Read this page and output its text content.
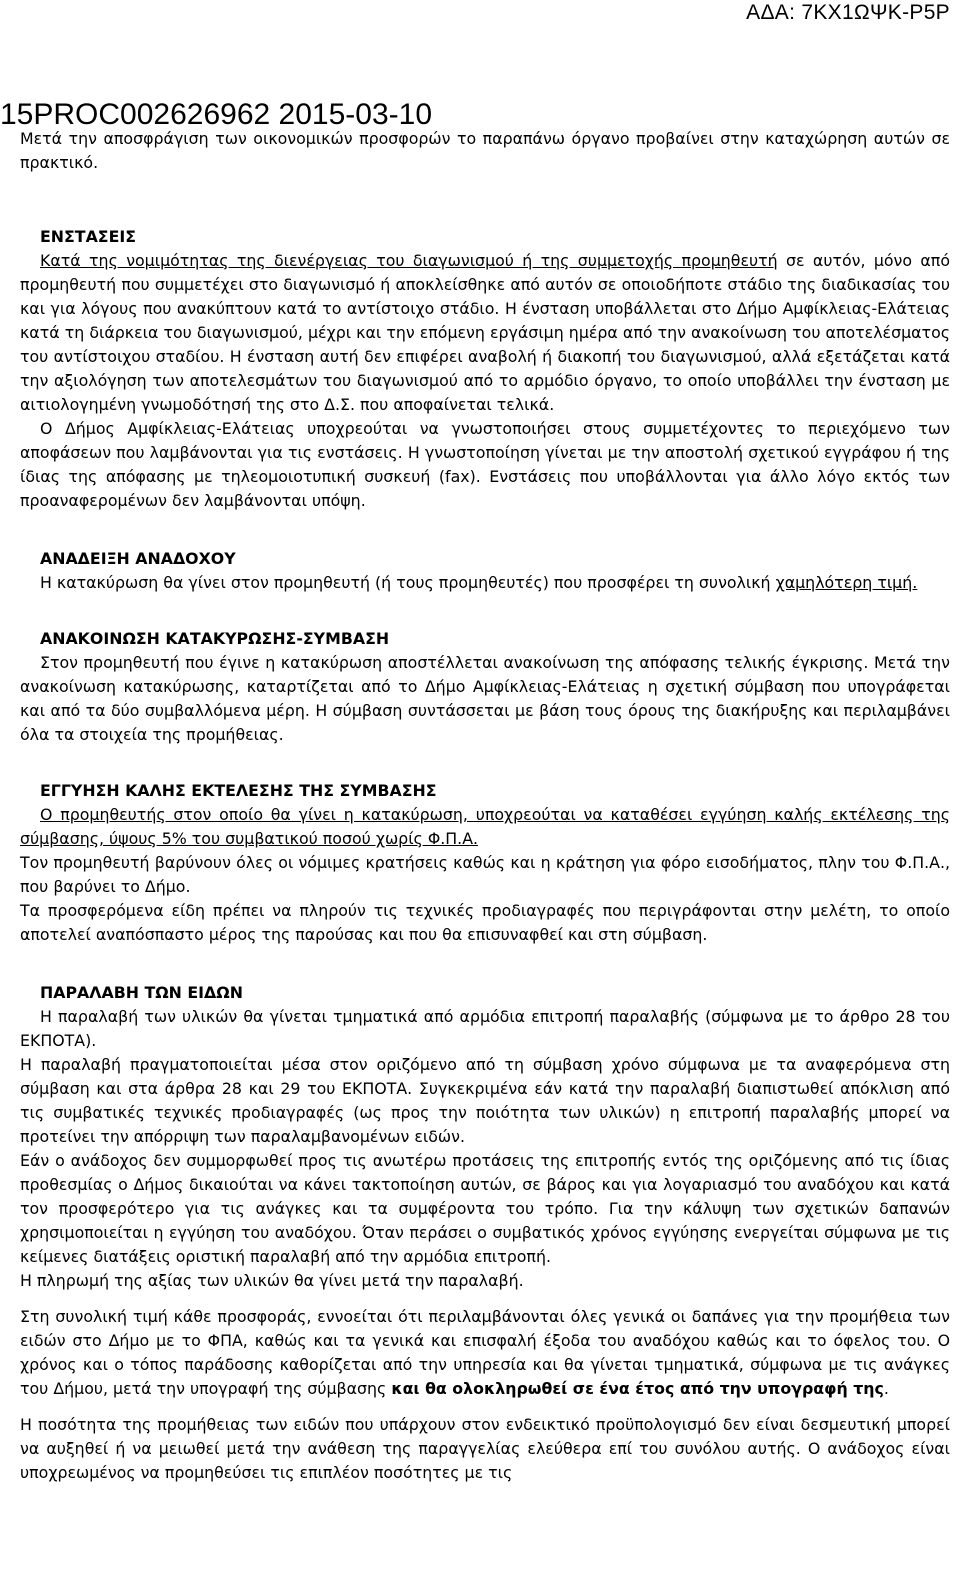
ΑΔΑ: 7ΚΧ1ΩΨΚ-Ρ5Ρ
15PROC002626962 2015-03-10

Μετά την αποσφράγιση των οικονομικών προσφορών το παραπάνω όργανο προβαίνει στην καταχώρηση αυτών σε πρακτικό.

ΕΝΣΤΑΣΕΙΣ

Κατά της νομιμότητας της διενέργειας του διαγωνισμού ή της συμμετοχής προμηθευτή σε αυτόν, μόνο από προμηθευτή που συμμετέχει στο διαγωνισμό ή αποκλείσθηκε από αυτόν σε οποιοδήποτε στάδιο της διαδικασίας του και για λόγους που ανακύπτουν κατά το αντίστοιχο στάδιο. Η ένσταση υποβάλλεται στο Δήμο Αμφίκλειας-Ελάτειας κατά τη διάρκεια του διαγωνισμού, μέχρι και την επόμενη εργάσιμη ημέρα από την ανακοίνωση του αποτελέσματος του αντίστοιχου σταδίου. Η ένσταση αυτή δεν επιφέρει αναβολή ή διακοπή του διαγωνισμού, αλλά εξετάζεται κατά την αξιολόγηση των αποτελεσμάτων του διαγωνισμού από το αρμόδιο όργανο, το οποίο υποβάλλει την ένσταση με αιτιολογημένη γνωμοδότησή της στο Δ.Σ. που αποφαίνεται τελικά.

Ο Δήμος Αμφίκλειας-Ελάτειας υποχρεούται να γνωστοποιήσει στους συμμετέχοντες το περιεχόμενο των αποφάσεων που λαμβάνονται για τις ενστάσεις. Η γνωστοποίηση γίνεται με την αποστολή σχετικού εγγράφου ή της ίδιας της απόφασης με τηλεομοιοτυπική συσκευή (fax). Ενστάσεις που υποβάλλονται για άλλο λόγο εκτός των προαναφερομένων δεν λαμβάνονται υπόψη.

ΑΝΑΔΕΙΞΗ ΑΝΑΔΟΧΟΥ

Η κατακύρωση θα γίνει στον προμηθευτή (ή τους προμηθευτές) που προσφέρει τη συνολική χαμηλότερη τιμή.

ΑΝΑΚΟΙΝΩΣΗ ΚΑΤΑΚΥΡΩΣΗΣ-ΣΥΜΒΑΣΗ

Στον προμηθευτή που έγινε η κατακύρωση αποστέλλεται ανακοίνωση της απόφασης τελικής έγκρισης. Μετά την ανακοίνωση κατακύρωσης, καταρτίζεται από το Δήμο Αμφίκλειας-Ελάτειας η σχετική σύμβαση που υπογράφεται και από τα δύο συμβαλλόμενα μέρη. Η σύμβαση συντάσσεται με βάση τους όρους της διακήρυξης και περιλαμβάνει όλα τα στοιχεία της προμήθειας.

ΕΓΓΥΗΣΗ ΚΑΛΗΣ ΕΚΤΕΛΕΣΗΣ ΤΗΣ ΣΥΜΒΑΣΗΣ

Ο προμηθευτής στον οποίο θα γίνει η κατακύρωση, υποχρεούται να καταθέσει εγγύηση καλής εκτέλεσης της σύμβασης, ύψους 5% του συμβατικού ποσού χωρίς Φ.Π.Α.

Τον προμηθευτή βαρύνουν όλες οι νόμιμες κρατήσεις καθώς και η κράτηση για φόρο εισοδήματος, πλην του Φ.Π.Α., που βαρύνει το Δήμο.

Τα προσφερόμενα είδη πρέπει να πληρούν τις τεχνικές προδιαγραφές που περιγράφονται στην μελέτη, το οποίο αποτελεί αναπόσπαστο μέρος της παρούσας και που θα επισυναφθεί και στη σύμβαση.

ΠΑΡΑΛΑΒΗ ΤΩΝ ΕΙΔΩΝ

Η παραλαβή των υλικών θα γίνεται τμηματικά από αρμόδια επιτροπή παραλαβής (σύμφωνα με το άρθρο 28 του ΕΚΠΟΤΑ).

Η παραλαβή πραγματοποιείται μέσα στον οριζόμενο από τη σύμβαση χρόνο σύμφωνα με τα αναφερόμενα στη σύμβαση και στα άρθρα 28 και 29 του ΕΚΠΟΤΑ. Συγκεκριμένα εάν κατά την παραλαβή διαπιστωθεί απόκλιση από τις συμβατικές τεχνικές προδιαγραφές (ως προς την ποιότητα των υλικών) η επιτροπή παραλαβής μπορεί να προτείνει την απόρριψη των παραλαμβανομένων ειδών.

Εάν ο ανάδοχος δεν συμμορφωθεί προς τις ανωτέρω προτάσεις της επιτροπής εντός της οριζόμενης από τις ίδιας προθεσμίας ο Δήμος δικαιούται να κάνει τακτοποίηση αυτών, σε βάρος και για λογαριασμό του αναδόχου και κατά τον προσφερότερο για τις ανάγκες και τα συμφέροντα του τρόπο. Για την κάλυψη των σχετικών δαπανών χρησιμοποιείται η εγγύηση του αναδόχου. Όταν περάσει ο συμβατικός χρόνος εγγύησης ενεργείται σύμφωνα με τις κείμενες διατάξεις οριστική παραλαβή από την αρμόδια επιτροπή.

Η πληρωμή της αξίας των υλικών θα γίνει μετά την παραλαβή.

Στη συνολική τιμή κάθε προσφοράς, εννοείται ότι περιλαμβάνονται όλες γενικά οι δαπάνες για την προμήθεια των ειδών στο Δήμο με το ΦΠΑ, καθώς και τα γενικά και επισφαλή έξοδα του αναδόχου καθώς και το όφελος του. Ο χρόνος και ο τόπος παράδοσης καθορίζεται από την υπηρεσία και θα γίνεται τμηματικά, σύμφωνα με τις ανάγκες του Δήμου, μετά την υπογραφή της σύμβασης και θα ολοκληρωθεί σε ένα έτος από την υπογραφή της.

Η ποσότητα της προμήθειας των ειδών που υπάρχουν στον ενδεικτικό προϋπολογισμό δεν είναι δεσμευτική μπορεί να αυξηθεί ή να μειωθεί μετά την ανάθεση της παραγγελίας ελεύθερα επί του συνόλου αυτής. Ο ανάδοχος είναι υποχρεωμένος να προμηθεύσει τις επιπλέον ποσότητες με τις
